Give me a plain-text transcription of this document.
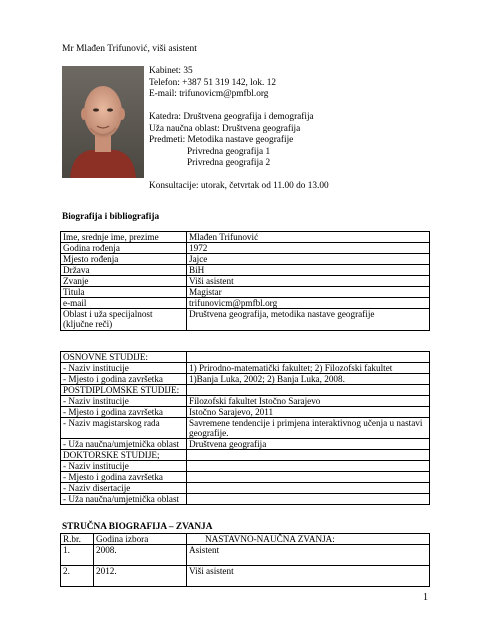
Mr Mlađen Trifunović, viši asistent
Kabinet: 35
Telefon: +387 51 319 142, lok. 12
E-mail: trifunovicm@pmfbl.org
Katedra: Društvena geografija i demografija
Uža naučna oblast: Društvena geografija
Predmeti: Metodika nastave geografije
Privredna geografija 1
Privredna geografija 2
Konsultacije: utorak, četvrtak od 11.00 do 13.00
Biografija i bibliografija
Ime, srednje ime, prezime	Mlađen Trifunović
Godina rođenja	1972
Mjesto rođenja	Jajce
Država	BiH
Zvanje	Viši asistent
Titula	Magistar
e-mail	trifunovicm@pmfbl.org
Oblast i uža specijalnost (ključne reči)	Društvena geografija, metodika nastave geografije
OSNOVNE STUDIJE:	
- Naziv institucije	1) Prirodno-matematički fakultet; 2) Filozofski fakultet
- Mjesto i godina završetka	1)Banja Luka, 2002; 2) Banja Luka, 2008.
POSTDIPLOMSKE STUDIJE:	
- Naziv institucije	Filozofski fakultet Istočno Sarajevo
- Mjesto i godina završetka	Istočno Sarajevo, 2011
- Naziv magistarskog rada	Savremene tendencije i primjena interaktivnog učenja u nastavi geografije.
- Uža naučna/umjetnička oblast	Društvena geografija
DOKTORSKE STUDIJE;	
- Naziv institucije	
- Mjesto i godina završetka	
- Naziv disertacije	
- Uža naučna/umjetnička oblast	
STRUČNA BIOGRAFIJA – ZVANJA
R.br.	Godina izbora	NASTAVNO-NAUČNA ZVANJA:
1.	2008.	Asistent
2.	2012.	Viši asistent
1
